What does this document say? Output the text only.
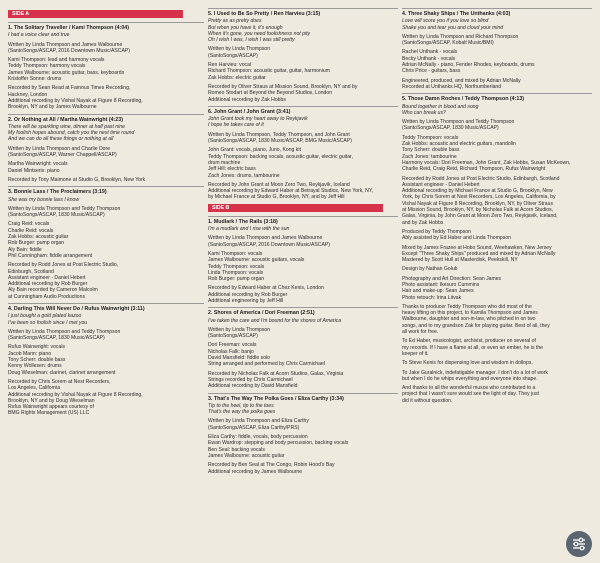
SIDE A
1. The Solitary Traveller / Kami Thompson (4:04)
I had a voice clear and true
Written by Linda Thompson and James Walbourne
(SantoSongs/ASCAP, 2016 Downtown Music/ASCAP)
Kami Thompson: lead and harmony vocals
Teddy Thompson: harmony vocals
James Walbourne: acoustic guitar, bass, keyboards
Kristoffer Sonne: drums
Recorded by Sean Read at Famous Times Recording,
Hackney, London
Additional recording by Vishal Nayak at Figure 8 Recording,
Brooklyn, NY and by James Walbourne
2. Or Nothing at All / Martha Wainwright (4:23)
There will be sparkling wine, dinner at half past nine
My foolish hopes abound, catch you the next time round
And we can do all these things or nothing at all
Written by Linda Thompson and Charlie Dore
(SantoSongs/ASCAP, Warner Chappell/ASCAP)
Martha Wainwright: vocals
Daniel Mintseris: piano
Recorded by Tony Maimone at Studio G, Brooklyn, New York
3. Bonnie Lass / The Proclaimers (3:19)
She was my bonnie lass I know
Written by Linda Thompson and Teddy Thompson
(SantoSongs/ASCAP, 1830 Music/ASCAP)
Craig Reid: vocals
Charlie Reid: vocals
Zak Hobbs: acoustic guitar
Rob Burger: pump organ
Aly Bain: fiddle
Phil Cunningham: fiddle arrangement
Recorded by Rodd Jones at Post Electric Studio,
Edinburgh, Scotland
Assistant engineer - Daniel Hebert
Additional recording by Rob Burger
Aly Bain recorded by Cameron Malcolm
at Cunningham Audio Productions
4. Darling This Will Never Do / Rufus Wainwright (3:11)
I just bought a gold plated kazoo
I've been so foolish since I met you
Written by Linda Thompson and Teddy Thompson
(SantoSongs/ASCAP, 1830 Music/ASCAP)
Rufus Wainwright: vocals
Jacob Mann: piano
Tony Scherr: double bass
Kenny Wollesen: drums
Doug Wieselman: clarinet, clarinet arrangement
Recorded by Chris Sorem at Nest Recorders,
Los Angeles, California
Additional recording by Vishal Nayak at Figure 8 Recording,
Brooklyn, NY and by Doug Wieselman
Rufus Wainwright appears courtesy of
BMG Rights Management (US) LLC
5. I Used to Be So Pretty / Ren Harvieu (3:15)
Pretty as as pretty does
But when you have it, it's enough
When it's gone, you need foolishness not pity
Oh I wish I was, I wish I was still pretty
Written by Linda Thompson
(SantoSongs/ASCAP)
Ren Harvieu: vocal
Richard Thompson: acoustic guitar, guitar, harmonium
Zak Hobbs: electric guitar
Recorded by Oliver Straus at Mission Sound, Brooklyn, NY and by
Romeo Stodart at Beyond the Beyond Studios, London
Additional recording by Zak Hobbs
6. John Grant / John Grant (3:41)
John Grant took my heart away to Reykjavik
I hope he takes care of it
Written by Linda Thompson, Teddy Thompson, and John Grant
(SantoSongs/ASCAP, 1830 Music/ASCAP, BMG Music/ASCAP)
John Grant: vocals, piano, Juno, Kong kit
Teddy Thompson: backing vocals, acoustic guitar, electric guitar,
drum machine
Jeff Hill: electric bass
Zach Jones: drums, tambourine
Recorded by John Grant at Moon Zero Two, Reykjavik, Iceland
Additional recording by Edward Haber at Betrayal Studios, New York, NY,
by Michael France at Studio G, Brooklyn, NY, and by Jeff Hill
SIDE B
1. Mudlark / The Rails (3:18)
I'm a mudlark and I rise with the sun
Written by Linda Thompson and James Walbourne
(SantoSongs/ASCAP, 2016 Downtown Music/ASCAP)
Kami Thompson: vocals
James Walbourne: acoustic guitars, vocals
Teddy Thompson: vocals
Linda Thompson: vocals
Rob Burger: pump organ
Recorded by Edward Haber at Chez Kenis, London
Additional recording by Rob Burger
Additional engineering by Jeff Hill
2. Shores of America / Dori Freeman (2:51)
I've taken the care and I'm bound for the shores of America
Written by Linda Thompson
(SantoSongs/ASCAP)
Dori Freeman: vocals
Nicholas Falk: banjo
David Mansfield: fiddle solo
String arranged and performed by Chris Carmichael
Recorded by Nicholas Falk at Acorn Studios, Galax, Virginia
Strings recorded by Chris Carmichael
Additional recording by David Mansfield
3. That's The Way The Polka Goes / Eliza Carthy (3:34)
Tip to the heel, tip to the toes
That's the way the polka goes
Written by Linda Thompson and Eliza Carthy
(SantoSongs/ASCAP, Eliza Carthy/PRS)
Eliza Carthy: fiddle, vocals, body percussion
Ewan Wardrop: stepping and body percussion, backing vocals
Ben Seal: backing vocals
James Walbourne: acoustic guitar
Recorded by Ben Seal at The Congo, Robin Hood's Bay
Additional recording by James Walbourne
4. Three Shaky Ships / The Unthanks (4:03)
Love will score you if you love so blind
Shake you and tear you and cloud your mind
Written by Linda Thompson and Richard Thompson
(SantoSongs/ASCAP, Kobalt Music/BMI)
Rachel Unthank - vocals
Becky Unthank - vocals
Adrian McNally - piano, Fender Rhodes, keyboards, drums
Chris Price - guitars, bass
Engineered, produced, and mixed by Adrian McNally
Recorded at Unthanks HQ, Northumberland
5. Those Damn Roches / Teddy Thompson (4:13)
Bound together in blood and song
Who can break us?
Written by Linda Thompson and Teddy Thompson
(SantoSongs/ASCAP, 1830 Music/ASCAP)
Teddy Thompson: vocals
Zak Hobbs: acoustic and electric guitars, mandolin
Tony Scherr: double bass
Zach Jones: tambourine
Harmony vocals: Dori Freeman, John Grant, Zak Hobbs, Susan McKeown,
Charlie Reid, Craig Reid, Richard Thompson, Rufus Wainwright
Recorded by Rodd Jones at Post Electric Studio, Edinburgh, Scotland
Assistant engineer - Daniel Hebert
Additional recording by Michael France at Studio G, Brooklyn, New
York, by Chris Sorem at Nest Recorders, Los Angeles, California, by
Vishal Nayak at Figure 8 Recording, Brooklyn, NY, by Oliver Straus
at Mission Sound, Brooklyn, NY, by Nicholas Falk at Acorn Studios,
Galax, Virginia, by John Grant at Moon Zero Two, Reykjavik, Iceland,
and by Zak Hobbs
Produced by Teddy Thompson
Ably assisted by Ed Haber and Linda Thompson
Mixed by James Frazee at Hobo Sound, Weehawken, New Jersey
Except "Three Shaky Ships" produced and mixed by Adrian McNally
Mastered by Scott Hull at Masterdisk, Peekskill, NY
Design by Nathan Golub
Photography and Art Direction: Sean James
Photo assistant: Ikesuro Cummins
Hair and make-up: Sean James
Photo retouch: Irina Litvak
Thanks to producer Teddy Thompson who did most of the
heavy lifting on this project, to Kamila Thompson and James
Walbourne, daughter and son-in-law, who pitched in on two
songs, and to my grandson Zak for playing guitar. Best of all, they
all work for free.
To Ed Haber, musicologist, archivist, producer on several of
my records. If I have a flame at all, or even an ember, he is the
keeper of it.
To Steve Kenis for dispensing love and wisdom in dollops.
To Jake Guralnick, indefatigable manager. I don't do a lot of work
but when I do he whips everything and everyone into shape.
And thanks to all the wonderful musos who contributed to a
project that I wasn't sure would see the light of day. They just
did it without question.
